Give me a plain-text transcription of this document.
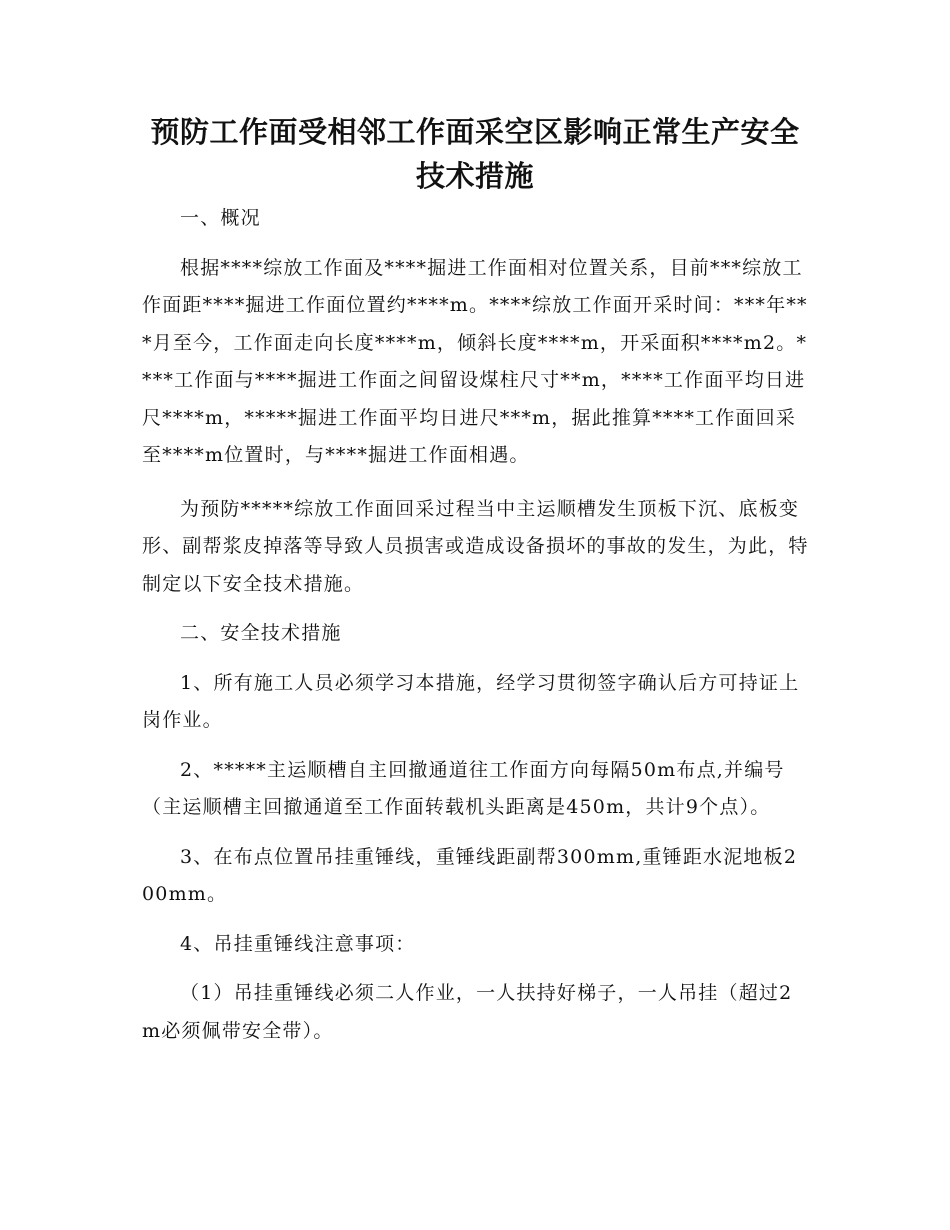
预防工作面受相邻工作面采空区影响正常生产安全技术措施

一、概况

根据****综放工作面及****掘进工作面相对位置关系，目前***综放工作面距****掘进工作面位置约****m。****综放工作面开采时间：***年***月至今，工作面走向长度****m，倾斜长度****m，开采面积****m2。****工作面与****掘进工作面之间留设煤柱尺寸**m，****工作面平均日进尺****m，*****掘进工作面平均日进尺***m，据此推算****工作面回采至****m位置时，与****掘进工作面相遇。

为预防*****综放工作面回采过程当中主运顺槽发生顶板下沉、底板变形、副帮浆皮掉落等导致人员损害或造成设备损坏的事故的发生，为此，特制定以下安全技术措施。

二、安全技术措施

1、所有施工人员必须学习本措施，经学习贯彻签字确认后方可持证上岗作业。

2、*****主运顺槽自主回撤通道往工作面方向每隔50m布点,并编号（主运顺槽主回撤通道至工作面转载机头距离是450m，共计9个点）。

3、在布点位置吊挂重锤线，重锤线距副帮300mm,重锤距水泥地板200mm。

4、吊挂重锤线注意事项：

（1）吊挂重锤线必须二人作业，一人扶持好梯子，一人吊挂（超过2m必须佩带安全带）。
